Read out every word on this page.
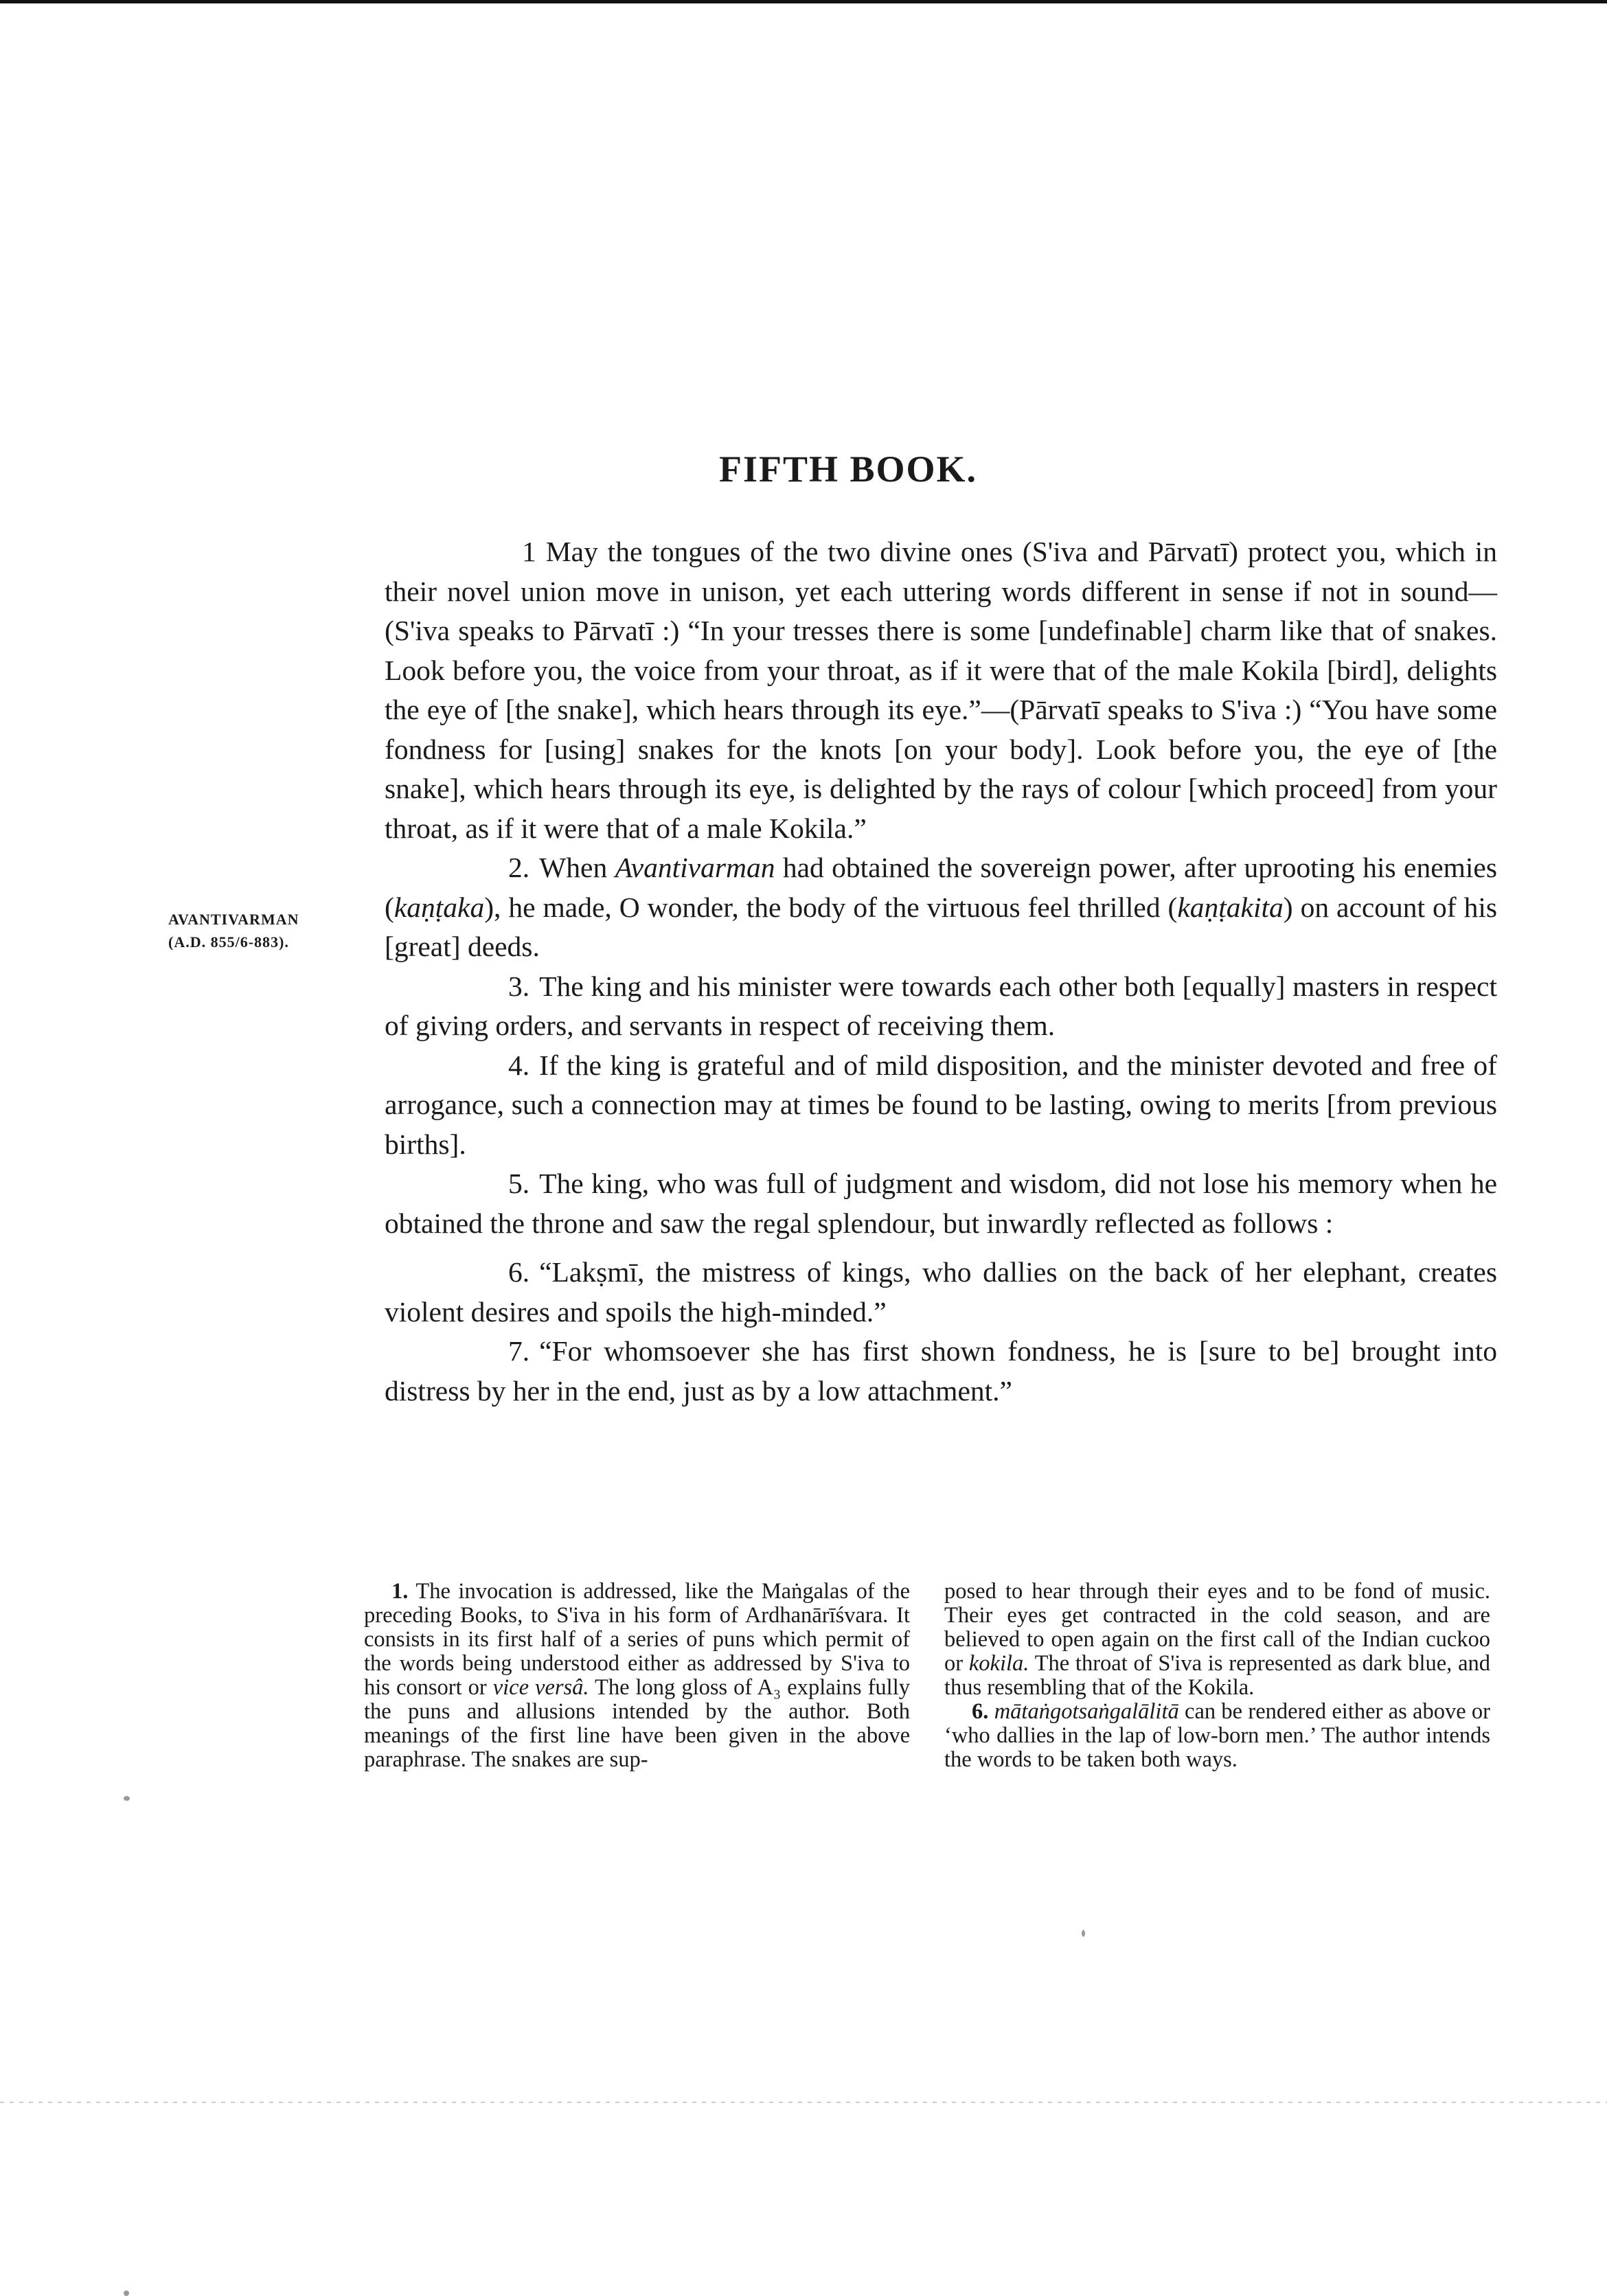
FIFTH BOOK.
AVANTIVARMAN
(A.D. 855/6-883).

1 May the tongues of the two divine ones (S'iva and Pārvatī) protect you, which in their novel union move in unison, yet each uttering words different in sense if not in sound—(S'iva speaks to Pārvatī :) “In your tresses there is some [undefinable] charm like that of snakes. Look before you, the voice from your throat, as if it were that of the male Kokila [bird], delights the eye of [the snake], which hears through its eye.”—(Pārvatī speaks to S'iva :) “You have some fondness for [using] snakes for the knots [on your body]. Look before you, the eye of [the snake], which hears through its eye, is delighted by the rays of colour [which proceed] from your throat, as if it were that of a male Kokila.”

2. When Avantivarman had obtained the sovereign power, after uprooting his enemies (kaṇṭaka), he made, O wonder, the body of the virtuous feel thrilled (kaṇṭakita) on account of his [great] deeds.

3. The king and his minister were towards each other both [equally] masters in respect of giving orders, and servants in respect of receiving them.

4. If the king is grateful and of mild disposition, and the minister devoted and free of arrogance, such a connection may at times be found to be lasting, owing to merits [from previous births].

5. The king, who was full of judgment and wisdom, did not lose his memory when he obtained the throne and saw the regal splendour, but inwardly reflected as follows :

6. “Lakṣmī, the mistress of kings, who dallies on the back of her elephant, creates violent desires and spoils the high-minded.”

7. “For whomsoever she has first shown fondness, he is [sure to be] brought into distress by her in the end, just as by a low attachment.”

1. The invocation is addressed, like the Maṅgalas of the preceding Books, to S'iva in his form of Ardhanārīśvara. It consists in its first half of a series of puns which permit of the words being understood either as addressed by S'iva to his consort or vice versâ. The long gloss of A₃ explains fully the puns and allusions intended by the author. Both meanings of the first line have been given in the above paraphrase. The snakes are sup-

posed to hear through their eyes and to be fond of music. Their eyes get contracted in the cold season, and are believed to open again on the first call of the Indian cuckoo or kokila. The throat of S'iva is represented as dark blue, and thus resembling that of the Kokila.

6. mātaṅgotsaṅgalālitā can be rendered either as above or ‘who dallies in the lap of low-born men.’ The author intends the words to be taken both ways.
